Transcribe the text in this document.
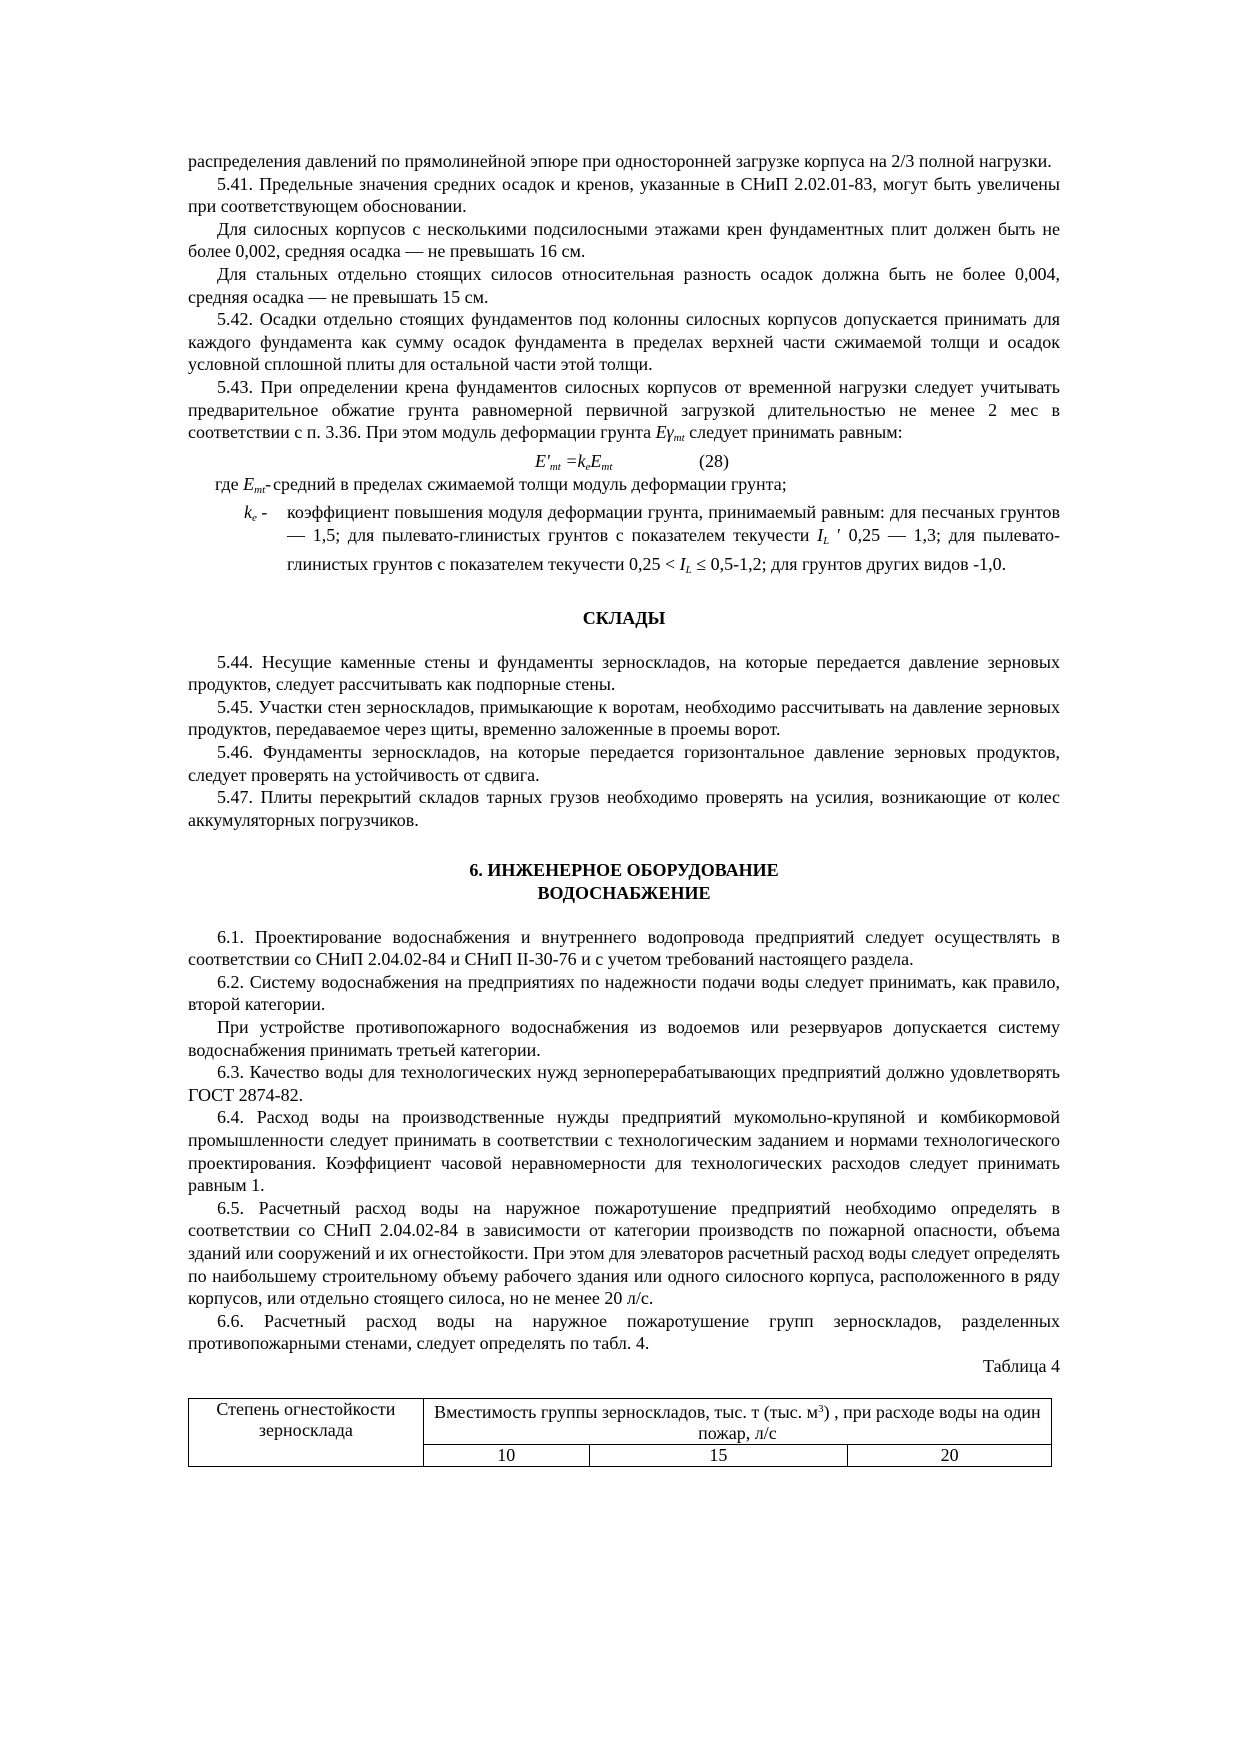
распределения давлений по прямолинейной эпюре при односторонней загрузке корпуса на 2/3 полной нагрузки.

5.41. Предельные значения средних осадок и кренов, указанные в СНиП 2.02.01-83, могут быть увеличены при соответствующем обосновании.

Для силосных корпусов с несколькими подсилосными этажами крен фундаментных плит должен быть не более 0,002, средняя осадка — не превышать 16 см.

Для стальных отдельно стоящих силосов относительная разность осадок должна быть не более 0,004, средняя осадка — не превышать 15 см.

5.42. Осадки отдельно стоящих фундаментов под колонны силосных корпусов допускается принимать для каждого фундамента как сумму осадок фундамента в пределах верхней части сжимаемой толщи и осадок условной сплошной плиты для остальной части этой толщи.

5.43. При определении крена фундаментов силосных корпусов от временной нагрузки следует учитывать предварительное обжатие грунта равномерной первичной загрузкой длительностью не менее 2 мес в соответствии с п. 3.36. При этом модуль деформации грунта $E\gamma_{mt}$ следует принимать равным:

$E'_{mt} =k_eE_{mt}$	(28)
где $E_{mt}-$ средний в пределах сжимаемой толщи модуль деформации грунта;
$k_e$ -	коэффициент повышения модуля деформации грунта, принимаемый равным: для песчаных грунтов — 1,5; для пылевато-глинистых грунтов с показателем текучести $I_L$ ′ 0,25 — 1,3; для пылевато-глинистых грунтов с показателем текучести $0,25 < I_L \le 0,5-1,2$; для грунтов других видов -1,0.

СКЛАДЫ

5.44. Несущие каменные стены и фундаменты зерноскладов, на которые передается давление зерновых продуктов, следует рассчитывать как подпорные стены.

5.45. Участки стен зерноскладов, примыкающие к воротам, необходимо рассчитывать на давление зерновых продуктов, передаваемое через щиты, временно заложенные в проемы ворот.

5.46. Фундаменты зерноскладов, на которые передается горизонтальное давление зерновых продуктов, следует проверять на устойчивость от сдвига.

5.47. Плиты перекрытий складов тарных грузов необходимо проверять на усилия, возникающие от колес аккумуляторных погрузчиков.

6. ИНЖЕНЕРНОЕ ОБОРУДОВАНИЕ

ВОДОСНАБЖЕНИЕ

6.1. Проектирование водоснабжения и внутреннего водопровода предприятий следует осуществлять в соответствии со СНиП 2.04.02-84 и СНиП II-30-76 и с учетом требований настоящего раздела.

6.2. Систему водоснабжения на предприятиях по надежности подачи воды следует принимать, как правило, второй категории.

При устройстве противопожарного водоснабжения из водоемов или резервуаров допускается систему водоснабжения принимать третьей категории.

6.3. Качество воды для технологических нужд зерноперерабатывающих предприятий должно удовлетворять ГОСТ 2874-82.

6.4. Расход воды на производственные нужды предприятий мукомольно-крупяной и комбикормовой промышленности следует принимать в соответствии с технологическим заданием и нормами технологического проектирования. Коэффициент часовой неравномерности для технологических расходов следует принимать равным 1.

6.5. Расчетный расход воды на наружное пожаротушение предприятий необходимо определять в соответствии со СНиП 2.04.02-84 в зависимости от категории производств по пожарной опасности, объема зданий или сооружений и их огнестойкости. При этом для элеваторов расчетный расход воды следует определять по наибольшему строительному объему рабочего здания или одного силосного корпуса, расположенного в ряду корпусов, или отдельно стоящего силоса, но не менее 20 л/с.

6.6. Расчетный расход воды на наружное пожаротушение групп зерноскладов, разделенных противопожарными стенами, следует определять по табл. 4.

Таблица 4

Степень огнестойкости зерносклада	Вместимость группы зерноскладов, тыс. т (тыс. $м^3$) , при расходе воды на один пожар, л/с		
	10	15	20
